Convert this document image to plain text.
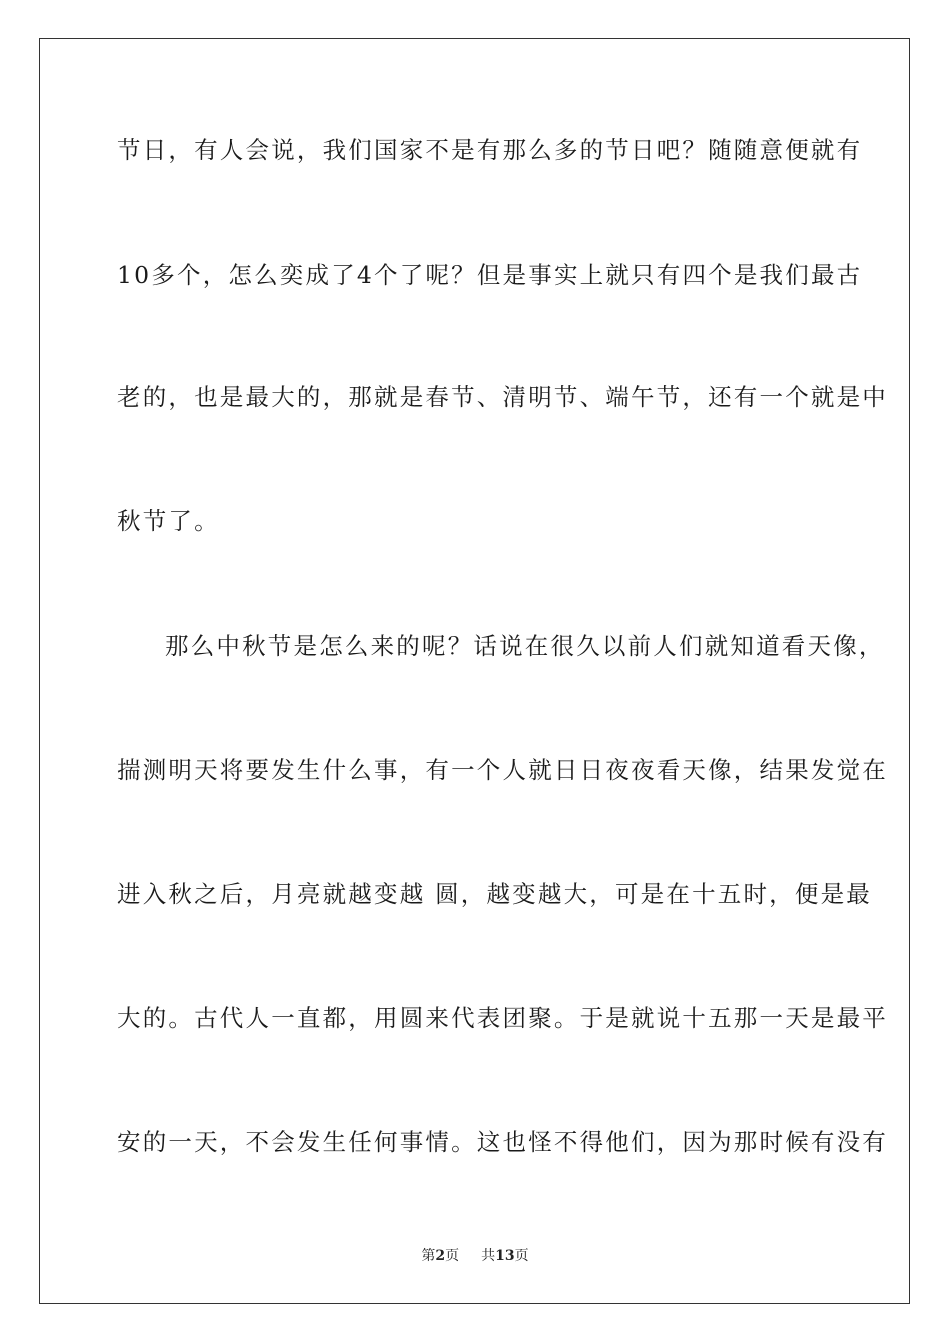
节日，有人会说，我们国家不是有那么多的节日吧？随随意便就有
10多个，怎么奕成了4个了呢？但是事实上就只有四个是我们最古
老的，也是最大的，那就是春节、清明节、端午节，还有一个就是中
秋节了。
那么中秋节是怎么来的呢？话说在很久以前人们就知道看天像，
揣测明天将要发生什么事，有一个人就日日夜夜看天像，结果发觉在
进入秋之后，月亮就越变越 圆，越变越大，可是在十五时，便是最
大的。古代人一直都，用圆来代表团聚。于是就说十五那一天是最平
安的一天，不会发生任何事情。这也怪不得他们，因为那时候有没有
第2页 共13页
